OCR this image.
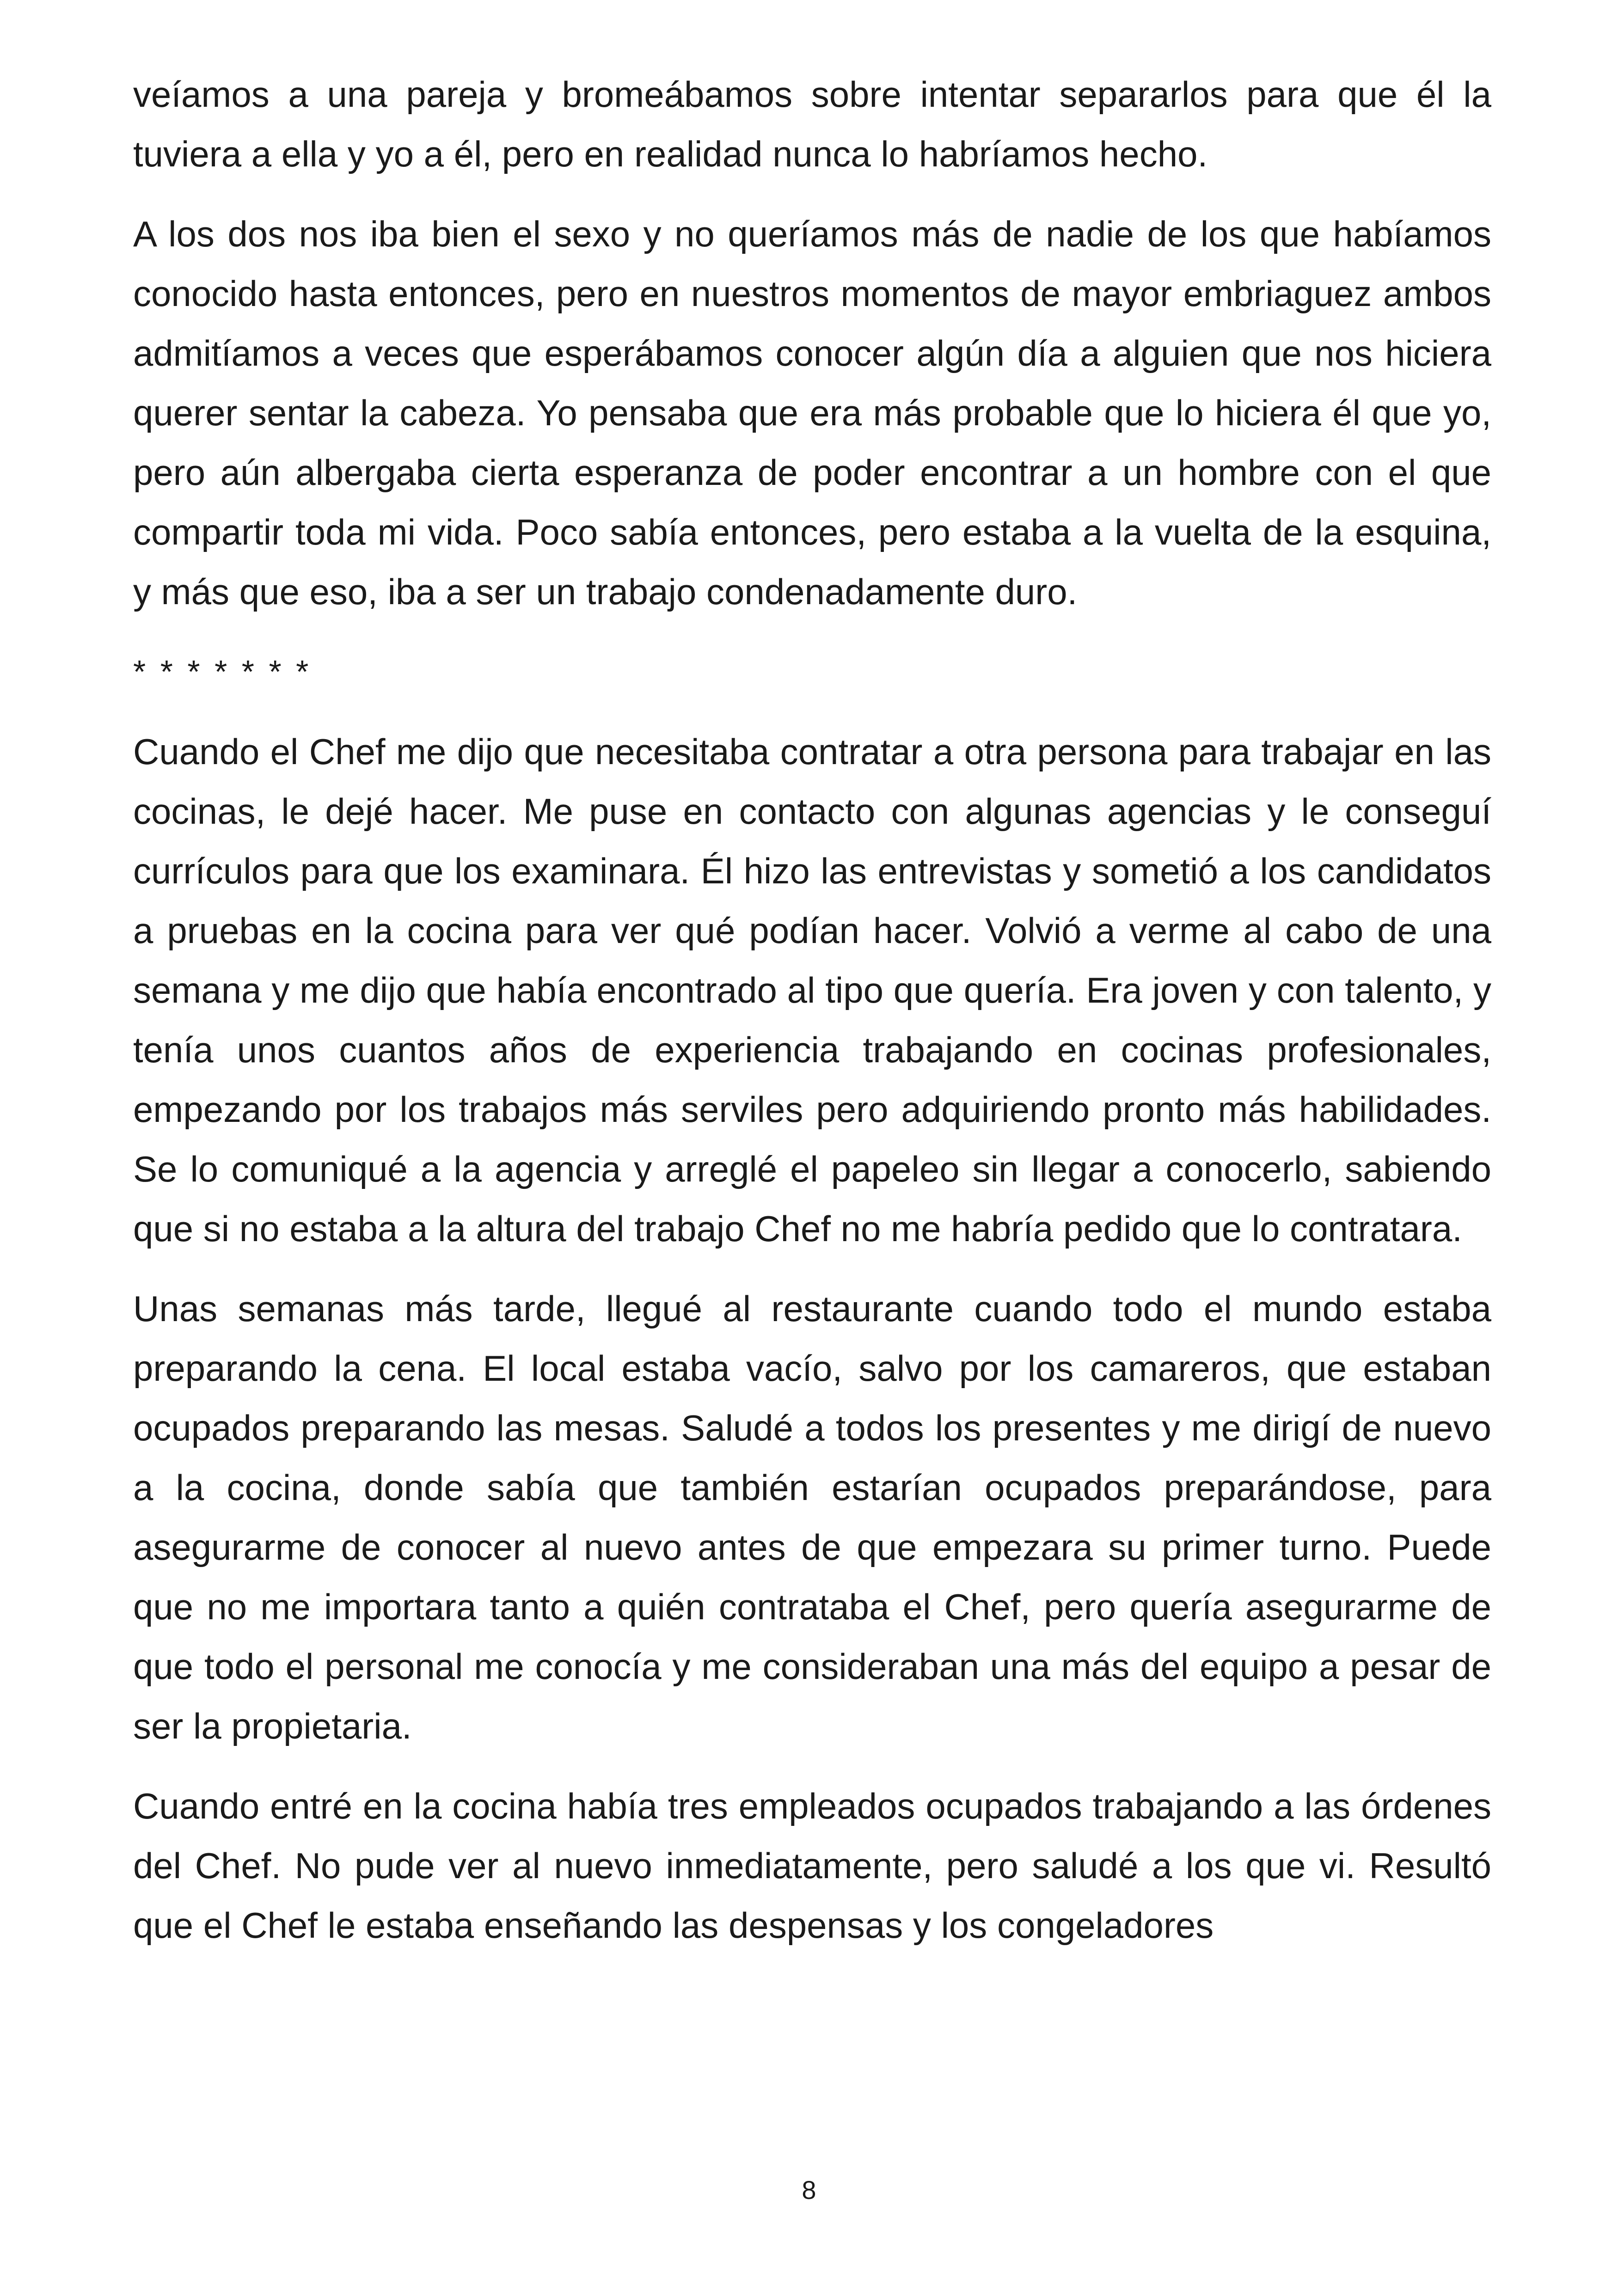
veíamos a una pareja y bromeábamos sobre intentar separarlos para que él la tuviera a ella y yo a él, pero en realidad nunca lo habríamos hecho.

A los dos nos iba bien el sexo y no queríamos más de nadie de los que habíamos conocido hasta entonces, pero en nuestros momentos de mayor embriaguez ambos admitíamos a veces que esperábamos conocer algún día a alguien que nos hiciera querer sentar la cabeza. Yo pensaba que era más probable que lo hiciera él que yo, pero aún albergaba cierta esperanza de poder encontrar a un hombre con el que compartir toda mi vida. Poco sabía entonces, pero estaba a la vuelta de la esquina, y más que eso, iba a ser un trabajo condenadamente duro.

* * * * * * *

Cuando el Chef me dijo que necesitaba contratar a otra persona para trabajar en las cocinas, le dejé hacer. Me puse en contacto con algunas agencias y le conseguí currículos para que los examinara. Él hizo las entrevistas y sometió a los candidatos a pruebas en la cocina para ver qué podían hacer. Volvió a verme al cabo de una semana y me dijo que había encontrado al tipo que quería. Era joven y con talento, y tenía unos cuantos años de experiencia trabajando en cocinas profesionales, empezando por los trabajos más serviles pero adquiriendo pronto más habilidades. Se lo comuniqué a la agencia y arreglé el papeleo sin llegar a conocerlo, sabiendo que si no estaba a la altura del trabajo Chef no me habría pedido que lo contratara.

Unas semanas más tarde, llegué al restaurante cuando todo el mundo estaba preparando la cena. El local estaba vacío, salvo por los camareros, que estaban ocupados preparando las mesas. Saludé a todos los presentes y me dirigí de nuevo a la cocina, donde sabía que también estarían ocupados preparándose, para asegurarme de conocer al nuevo antes de que empezara su primer turno. Puede que no me importara tanto a quién contrataba el Chef, pero quería asegurarme de que todo el personal me conocía y me consideraban una más del equipo a pesar de ser la propietaria.

Cuando entré en la cocina había tres empleados ocupados trabajando a las órdenes del Chef. No pude ver al nuevo inmediatamente, pero saludé a los que vi. Resultó que el Chef le estaba enseñando las despensas y los congeladores

8
